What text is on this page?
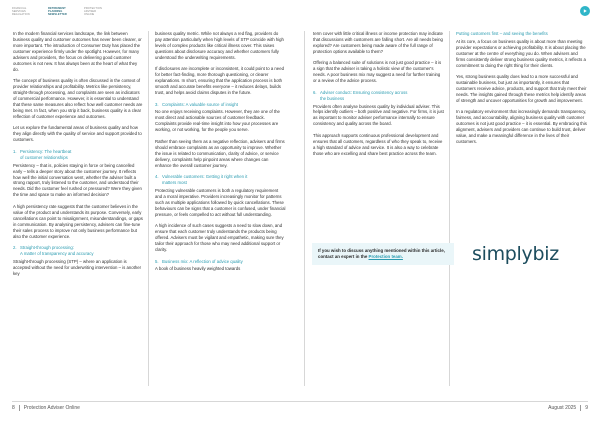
FINANCIAL SERVICES REGULATION
RETIREMENT PLANNING NEWSLETTER
PROTECTION ADVISER ONLINE

In the modern financial services landscape, the link between business quality and customer outcomes has never been clearer, or more important. The introduction of Consumer Duty has placed the customer experience firmly under the spotlight. However, for many advisers and providers, the focus on delivering good customer outcomes is not new. It has always been at the heart of what they do.

The concept of business quality is often discussed in the context of provider relationships and profitability. Metrics like persistency, straight-through processing, and complaints are seen as indicators of commercial performance. However, it is essential to understand that these same measures also reflect how well customer needs are being met. In fact, when you strip it back, business quality is a clear reflection of customer experience and outcomes.

Let us explore the fundamental areas of business quality and how they align directly with the quality of service and support provided to customers.

1. Persistency: The heartbeat
of customer relationships

Persistency – that is, policies staying in force or being cancelled early – tells a deeper story about the customer journey. It reflects how well the initial conversation went, whether the adviser built a strong rapport, truly listened to the customer, and understood their needs. Did the customer feel rushed or pressured? Were they given the time and space to make an informed decision?

A high persistency rate suggests that the customer believes in the value of the product and understands its purpose. Conversely, early cancellations can point to misalignment, misunderstandings, or gaps in communication. By analysing persistency, advisers can fine-tune their sales process to improve not only business performance but also the customer experience.

2. Straight-through processing:
A matter of transparency and accuracy

Straight-through processing (STP) – where an application is accepted without the need for underwriting intervention – is another key

business quality metric. While not always a red flag, providers do pay attention particularly when high levels of STP coincide with high levels of complex products like critical illness cover. This raises questions about disclosure accuracy and whether customers fully understood the underwriting requirements.

If disclosures are incomplete or inconsistent, it could point to a need for better fact-finding, more thorough questioning, or clearer explanations. In short, ensuring that the application process is both smooth and accurate benefits everyone – it reduces delays, builds trust, and helps avoid claims disputes in the future.

3. Complaints: A valuable source of insight

No one enjoys receiving complaints. However, they are one of the most direct and actionable sources of customer feedback. Complaints provide real-time insight into how your processes are working, or not working, for the people you serve.

Rather than seeing them as a negative reflection, advisers and firms should embrace complaints as an opportunity to improve. Whether the issue is related to communication, clarity of advice, or service delivery, complaints help pinpoint areas where changes can enhance the overall customer journey.

4. Vulnerable customers: Getting it right when it
matters most

Protecting vulnerable customers is both a regulatory requirement and a moral imperative. Providers increasingly monitor for patterns such as multiple applications followed by quick cancellations. These behaviours can be signs that a customer is confused, under financial pressure, or feels compelled to act without full understanding.

A high incidence of such cases suggests a need to slow down, and ensure that each customer truly understands the products being offered. Advisers must be vigilant and empathetic, making sure they tailor their approach for those who may need additional support or clarity.

5. Business mix: A reflection of advice quality

A book of business heavily weighted towards

term cover with little critical illness or income protection may indicate that discussions with customers are falling short. Are all needs being explored? Are customers being made aware of the full range of protection options available to them?

Offering a balanced suite of solutions is not just good practice – it is a sign that the adviser is taking a holistic view of the customer's needs. A poor business mix may suggest a need for further training or a review of the advice process.

6. Adviser conduct: Ensuring consistency across
the business

Providers often analyse business quality by individual adviser. This helps identify outliers – both positive and negative. For firms, it is just as important to monitor adviser performance internally to ensure consistency and quality across the board.

This approach supports continuous professional development and ensures that all customers, regardless of who they speak to, receive a high standard of advice and service. It is also a way to celebrate those who are excelling and share best practice across the team.

Putting customers first – and seeing the benefits

At its core, a focus on business quality is about more than meeting provider expectations or achieving profitability. It is about placing the customer at the centre of everything you do. When advisers and firms consistently deliver strong business quality metrics, it reflects a commitment to doing the right thing for their clients.

Yes, strong business quality does lead to a more successful and sustainable business, but just as importantly, it ensures that customers receive advice, products, and support that truly meet their needs. The insights gained through these metrics help identify areas of strength and uncover opportunities for growth and improvement.

In a regulatory environment that increasingly demands transparency, fairness, and accountability, aligning business quality with customer outcomes is not just good practice – it is essential. By embracing this alignment, advisers and providers can continue to build trust, deliver value, and make a meaningful difference in the lives of their customers.

If you wish to discuss anything mentioned within this article, contact an expert in the Protection team.	simplybiz
8 Protection Adviser Online	August 2025 9
